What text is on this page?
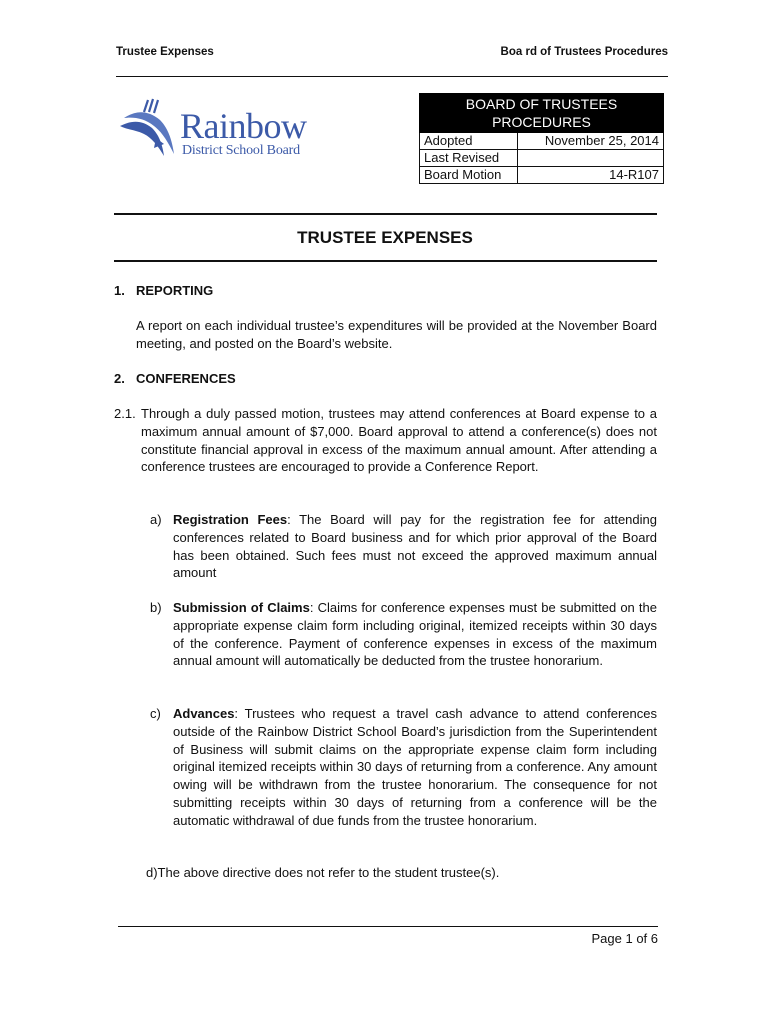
Trustee Expenses	Boa rd of Trustees Procedures
Rainbow
District School Board
BOARD OF TRUSTEES PROCEDURES	
Adopted	November 25, 2014
Last Revised	
Board Motion	14-R107
TRUSTEE EXPENSES
1. REPORTING
A report on each individual trustee’s expenditures will be provided at the November Board meeting, and posted on the Board’s website.
2. CONFERENCES
2.1. Through a duly passed motion, trustees may attend conferences at Board expense to a maximum annual amount of $7,000. Board approval to attend a conference(s) does not constitute financial approval in excess of the maximum annual amount. After attending a conference trustees are encouraged to provide a Conference Report.
a) Registration Fees: The Board will pay for the registration fee for attending conferences related to Board business and for which prior approval of the Board has been obtained. Such fees must not exceed the approved maximum annual amount
b) Submission of Claims: Claims for conference expenses must be submitted on the appropriate expense claim form including original, itemized receipts within 30 days of the conference. Payment of conference expenses in excess of the maximum annual amount will automatically be deducted from the trustee honorarium.
c) Advances: Trustees who request a travel cash advance to attend conferences outside of the Rainbow District School Board’s jurisdiction from the Superintendent of Business will submit claims on the appropriate expense claim form including original itemized receipts within 30 days of returning from a conference. Any amount owing will be withdrawn from the trustee honorarium. The consequence for not submitting receipts within 30 days of returning from a conference will be the automatic withdrawal of due funds from the trustee honorarium.
d)The above directive does not refer to the student trustee(s).
Page 1 of 6
